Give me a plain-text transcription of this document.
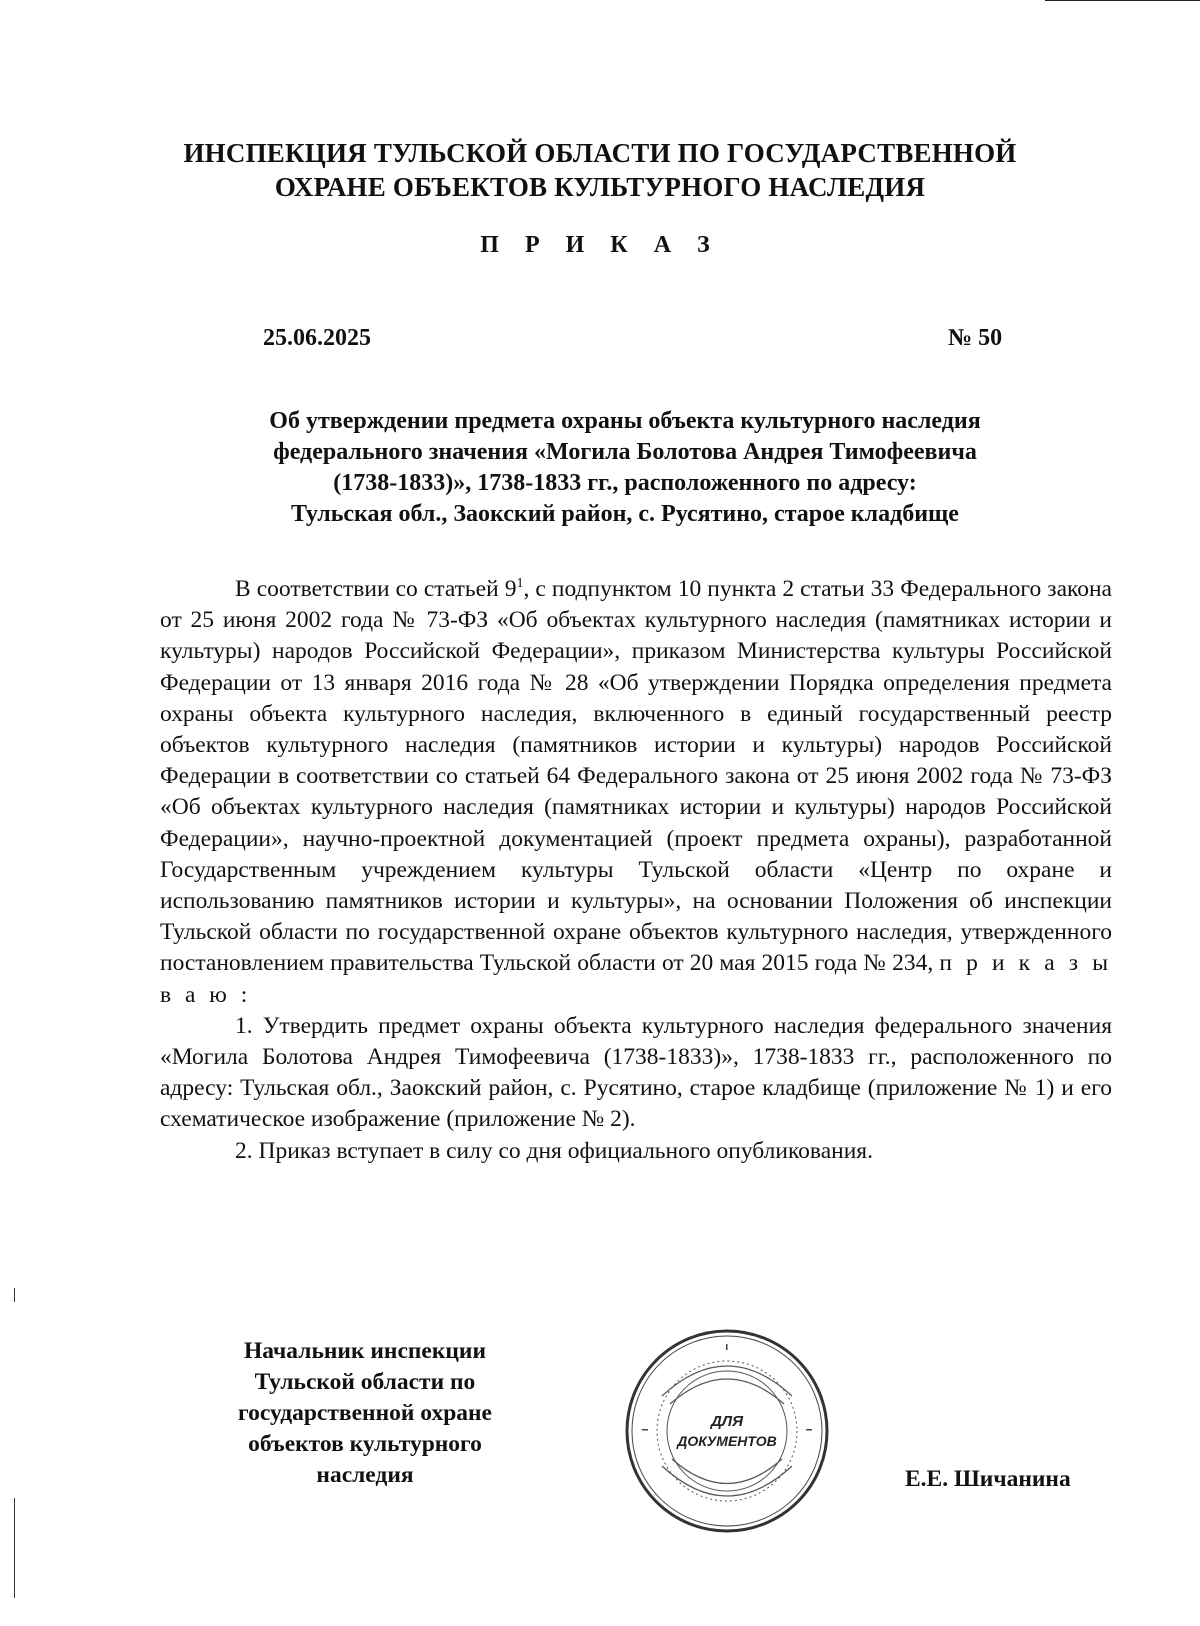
ИНСПЕКЦИЯ ТУЛЬСКОЙ ОБЛАСТИ ПО ГОСУДАРСТВЕННОЙ
ОХРАНЕ ОБЪЕКТОВ КУЛЬТУРНОГО НАСЛЕДИЯ
П Р И К А З
25.06.2025	№ 50
Об утверждении предмета охраны объекта культурного наследия
федерального значения «Могила Болотова Андрея Тимофеевича
(1738-1833)», 1738-1833 гг., расположенного по адресу:
Тульская обл., Заокский район, с. Русятино, старое кладбище

В соответствии со статьей $9^1$, с подпунктом 10 пункта 2 статьи 33 Федерального закона от 25 июня 2002 года № 73-ФЗ «Об объектах культурного наследия (памятниках истории и культуры) народов Российской Федерации», приказом Министерства культуры Российской Федерации от 13 января 2016 года № 28 «Об утверждении Порядка определения предмета охраны объекта культурного наследия, включенного в единый государственный реестр объектов культурного наследия (памятников истории и культуры) народов Российской Федерации в соответствии со статьей 64 Федерального закона от 25 июня 2002 года № 73-ФЗ «Об объектах культурного наследия (памятниках истории и культуры) народов Российской Федерации», научно-проектной документацией (проект предмета охраны), разработанной Государственным учреждением культуры Тульской области «Центр по охране и использованию памятников истории и культуры», на основании Положения об инспекции Тульской области по государственной охране объектов культурного наследия, утвержденного постановлением правительства Тульской области от 20 мая 2015 года № 234, п р и к а з ы в а ю :

1. Утвердить предмет охраны объекта культурного наследия федерального значения «Могила Болотова Андрея Тимофеевича (1738-1833)», 1738-1833 гг., расположенного по адресу: Тульская обл., Заокский район, с. Русятино, старое кладбище (приложение № 1) и его схематическое изображение (приложение № 2).

2. Приказ вступает в силу со дня официального опубликования.

Начальник инспекции
Тульской области по
государственной охране
объектов культурного
наследия
ДЛЯ
ДОКУМЕНТОВ
Е.Е. Шичанина
